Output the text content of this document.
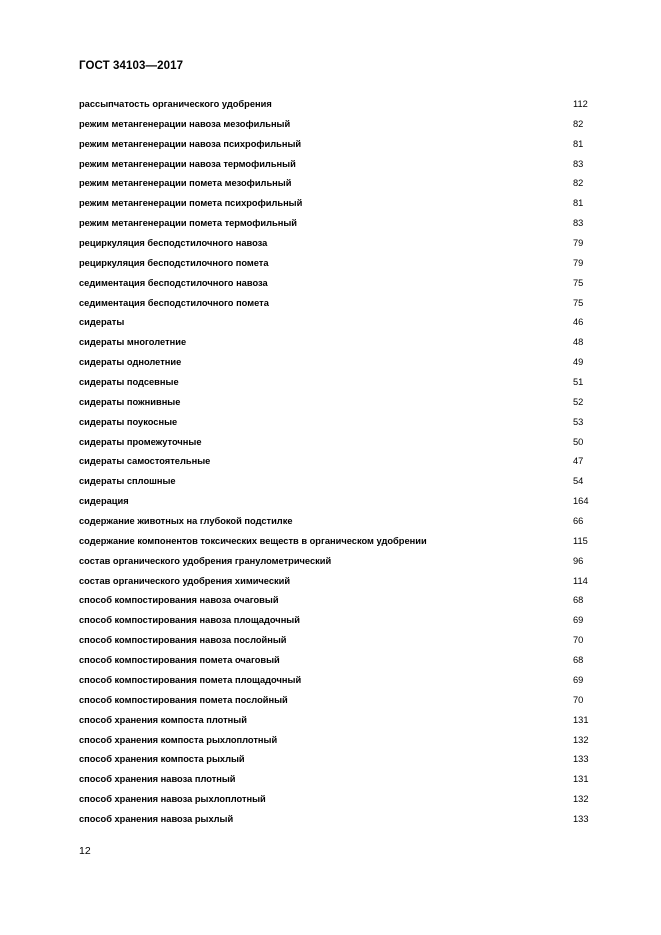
ГОСТ 34103—2017
рассыпчатость органического удобрения	112
режим метангенерации навоза мезофильный	82
режим метангенерации навоза психрофильный	81
режим метангенерации навоза термофильный	83
режим метангенерации помета мезофильный	82
режим метангенерации помета психрофильный	81
режим метангенерации помета термофильный	83
рециркуляция бесподстилочного навоза	79
рециркуляция бесподстилочного помета	79
седиментация бесподстилочного навоза	75
седиментация бесподстилочного помета	75
сидераты	46
сидераты многолетние	48
сидераты однолетние	49
сидераты подсевные	51
сидераты пожнивные	52
сидераты поукосные	53
сидераты промежуточные	50
сидераты самостоятельные	47
сидераты сплошные	54
сидерация	164
содержание животных на глубокой подстилке	66
содержание компонентов токсических веществ в органическом удобрении	115
состав органического удобрения гранулометрический	96
состав органического удобрения химический	114
способ компостирования навоза очаговый	68
способ компостирования навоза площадочный	69
способ компостирования навоза послойный	70
способ компостирования помета очаговый	68
способ компостирования помета площадочный	69
способ компостирования помета послойный	70
способ хранения компоста плотный	131
способ хранения компоста рыхлоплотный	132
способ хранения компоста рыхлый	133
способ хранения навоза плотный	131
способ хранения навоза рыхлоплотный	132
способ хранения навоза рыхлый	133
12
